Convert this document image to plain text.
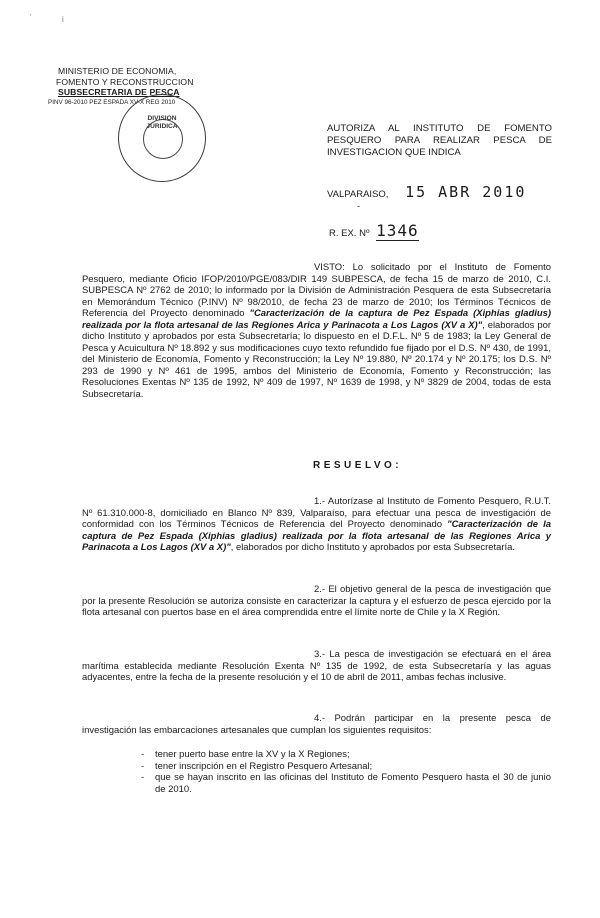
'	i
MINISTERIO DE ECONOMIA,
FOMENTO Y RECONSTRUCCION
SUBSECRETARIA DE PESCA
PINV 96-2010 PEZ ESPADA XV-X REG 2010
DIVISION
JURIDICA	AUTORIZA AL INSTITUTO DE FOMENTO PESQUERO PARA REALIZAR PESCA DE INVESTIGACION QUE INDICA
VALPARAISO, 15 ABR 2010
-
R. EX. Nº 1346

VISTO: Lo solicitado por el Instituto de Fomento Pesquero, mediante Oficio IFOP/2010/PGE/083/DIR 149 SUBPESCA, de fecha 15 de marzo de 2010, C.I. SUBPESCA Nº 2762 de 2010; lo informado por la División de Administración Pesquera de esta Subsecretaría en Memorándum Técnico (P.INV) Nº 98/2010, de fecha 23 de marzo de 2010; los Términos Técnicos de Referencia del Proyecto denominado "Caracterización de la captura de Pez Espada (Xiphias gladius) realizada por la flota artesanal de las Regiones Arica y Parinacota a Los Lagos (XV a X)", elaborados por dicho Instituto y aprobados por esta Subsecretaría; lo dispuesto en el D.F.L. Nº 5 de 1983; la Ley General de Pesca y Acuicultura Nº 18.892 y sus modificaciones cuyo texto refundido fue fijado por el D.S. Nº 430, de 1991, del Ministerio de Economía, Fomento y Reconstrucción; la Ley Nº 19.880, Nº 20.174 y Nº 20.175; los D.S. Nº 293 de 1990 y Nº 461 de 1995, ambos del Ministerio de Economía, Fomento y Reconstrucción; las Resoluciones Exentas Nº 135 de 1992, Nº 409 de 1997, Nº 1639 de 1998, y Nº 3829 de 2004, todas de esta Subsecretaría.

RESUELVO:

1.- Autorízase al Instituto de Fomento Pesquero, R.U.T. Nº 61.310.000-8, domiciliado en Blanco Nº 839, Valparaíso, para efectuar una pesca de investigación de conformidad con los Términos Técnicos de Referencia del Proyecto denominado "Caracterización de la captura de Pez Espada (Xiphias gladius) realizada por la flota artesanal de las Regiones Arica y Parinacota a Los Lagos (XV a X)", elaborados por dicho Instituto y aprobados por esta Subsecretaría.

2.- El objetivo general de la pesca de investigación que por la presente Resolución se autoriza consiste en caracterizar la captura y el esfuerzo de pesca ejercido por la flota artesanal con puertos base en el área comprendida entre el límite norte de Chile y la X Región.

3.- La pesca de investigación se efectuará en el área marítima establecida mediante Resolución Exenta Nº 135 de 1992, de esta Subsecretaría y las aguas adyacentes, entre la fecha de la presente resolución y el 10 de abril de 2011, ambas fechas inclusive.

4.- Podrán participar en la presente pesca de investigación las embarcaciones artesanales que cumplan los siguientes requisitos:

-	tener puerto base entre la XV y la X Regiones;
-	tener inscripción en el Registro Pesquero Artesanal;
-	que se hayan inscrito en las oficinas del Instituto de Fomento Pesquero hasta el 30 de junio de 2010.
